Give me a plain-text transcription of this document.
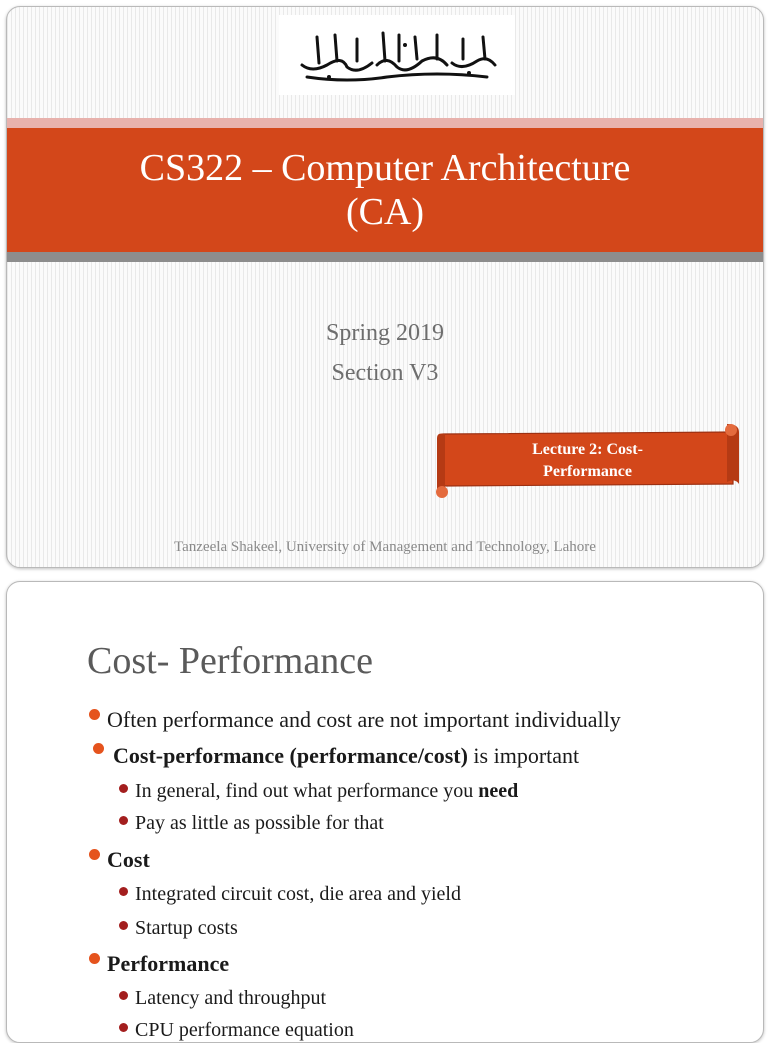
CS322 – Computer Architecture
(CA)
Spring 2019
Section V3
Lecture 2: Cost-
Performance
Tanzeela Shakeel, University of Management and Technology, Lahore
Cost- Performance
Often performance and cost are not important individually
Cost-performance (performance/cost) is important
In general, find out what performance you need
Pay as little as possible for that
Cost
Integrated circuit cost, die area and yield
Startup costs
Performance
Latency and throughput
CPU performance equation
